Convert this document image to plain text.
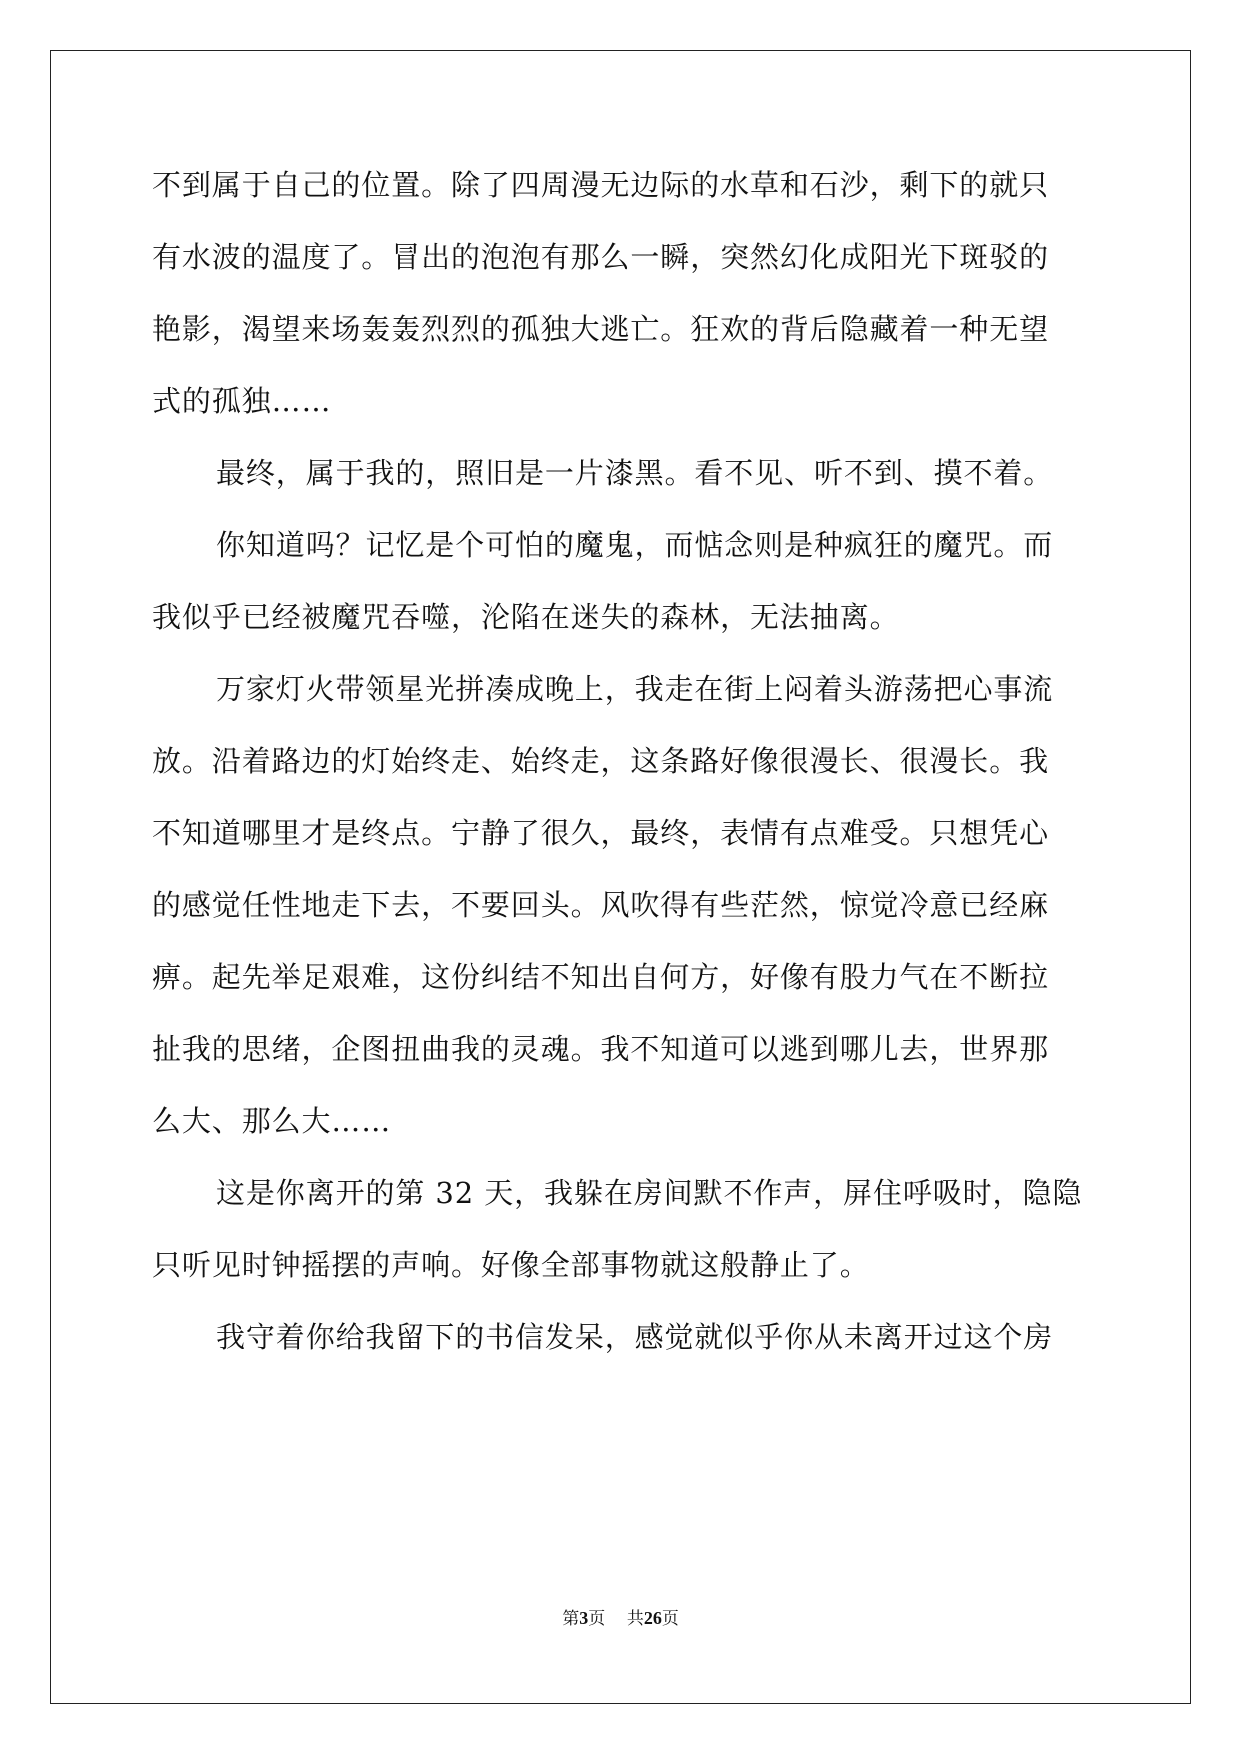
不到属于自己的位置。除了四周漫无边际的水草和石沙，剩下的就只
有水波的温度了。冒出的泡泡有那么一瞬，突然幻化成阳光下斑驳的
艳影，渴望来场轰轰烈烈的孤独大逃亡。狂欢的背后隐藏着一种无望
式的孤独……
最终，属于我的，照旧是一片漆黑。看不见、听不到、摸不着。
你知道吗？记忆是个可怕的魔鬼，而惦念则是种疯狂的魔咒。而
我似乎已经被魔咒吞噬，沦陷在迷失的森林，无法抽离。
万家灯火带领星光拼凑成晚上，我走在街上闷着头游荡把心事流
放。沿着路边的灯始终走、始终走，这条路好像很漫长、很漫长。我
不知道哪里才是终点。宁静了很久，最终，表情有点难受。只想凭心
的感觉任性地走下去，不要回头。风吹得有些茫然，惊觉冷意已经麻
痹。起先举足艰难，这份纠结不知出自何方，好像有股力气在不断拉
扯我的思绪，企图扭曲我的灵魂。我不知道可以逃到哪儿去，世界那
么大、那么大……
这是你离开的第 32 天，我躲在房间默不作声，屏住呼吸时，隐隐
只听见时钟摇摆的声响。好像全部事物就这般静止了。
我守着你给我留下的书信发呆，感觉就似乎你从未离开过这个房
第3页 共26页
